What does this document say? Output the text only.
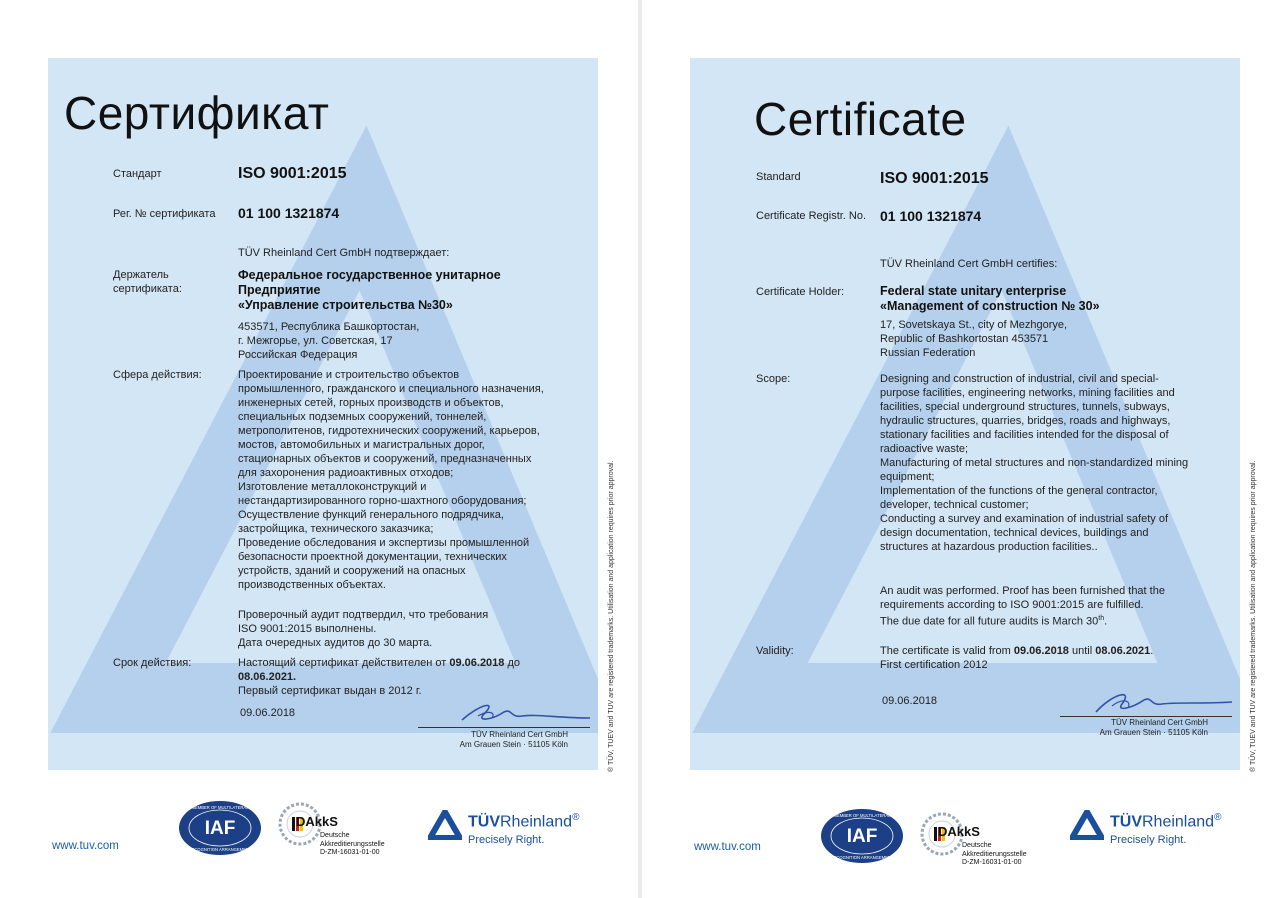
Сертификат
Стандарт	ISO 9001:2015
Рег. № сертификата 01 100 1321874
TÜV Rheinland Cert GmbH подтверждает:
Держатель
сертификата:
Федеральное государственное унитарное
Предприятие
«Управление строительства №30»
453571, Республика Башкортостан,
г. Межгорье, ул. Советская, 17
Российская Федерация
Сфера действия:	Проектирование и строительство объектов
промышленного, гражданского и специального назначения,
инженерных сетей, горных производств и объектов,
специальных подземных сооружений, тоннелей,
метрополитенов, гидротехнических сооружений, карьеров,
мостов, автомобильных и магистральных дорог,
стационарных объектов и сооружений, предназначенных
для захоронения радиоактивных отходов;
Изготовление металлоконструкций и
нестандартизированного горно-шахтного оборудования;
Осуществление функций генерального подрядчика,
застройщика, технического заказчика;
Проведение обследования и экспертизы промышленной
безопасности проектной документации, технических
устройств, зданий и сооружений на опасных
производственных объектах.
Проверочный аудит подтвердил, что требования
ISO 9001:2015 выполнены.
Дата очередных аудитов до 30 марта.
Срок действия:	Настоящий сертификат действителен от 09.06.2018 до
08.06.2021.
Первый сертификат выдан в 2012 г.
09.06.2018
TÜV Rheinland Cert GmbH
Am Grauen Stein · 51105 Köln	® TÜV, TUEV and TUV are registered trademarks. Utilisation and application requires prior approval.
www.tuv.com
IAF
MEMBER OF MULTILATERAL
RECOGNITION ARRANGEMENT
DAkkS
Deutsche
Akkreditierungsstelle
D-ZM-16031-01-00
TÜVRheinland®
Precisely Right.
Certificate
Standard	ISO 9001:2015
Certificate Registr. No. 01 100 1321874
TÜV Rheinland Cert GmbH certifies:
Certificate Holder:	Federal state unitary enterprise
«Management of construction № 30»
17, Sovetskaya St., city of Mezhgorye,
Republic of Bashkortostan 453571
Russian Federation
Scope:	Designing and construction of industrial, civil and special-
purpose facilities, engineering networks, mining facilities and
facilities, special underground structures, tunnels, subways,
hydraulic structures, quarries, bridges, roads and highways,
stationary facilities and facilities intended for the disposal of
radioactive waste;
Manufacturing of metal structures and non-standardized mining
equipment;
Implementation of the functions of the general contractor,
developer, technical customer;
Conducting a survey and examination of industrial safety of
design documentation, technical devices, buildings and
structures at hazardous production facilities..
An audit was performed. Proof has been furnished that the
requirements according to ISO 9001:2015 are fulfilled.
The due date for all future audits is March 30th.
Validity:	The certificate is valid from 09.06.2018 until 08.06.2021.
First certification 2012
09.06.2018
TÜV Rheinland Cert GmbH
Am Grauen Stein · 51105 Köln	® TÜV, TUEV and TUV are registered trademarks. Utilisation and application requires prior approval.
www.tuv.com	IAF
MEMBER OF MULTILATERAL
RECOGNITION ARRANGEMENT
DAkkS
Deutsche
Akkreditierungsstelle
D-ZM-16031-01-00
TÜVRheinland®
Precisely Right.
